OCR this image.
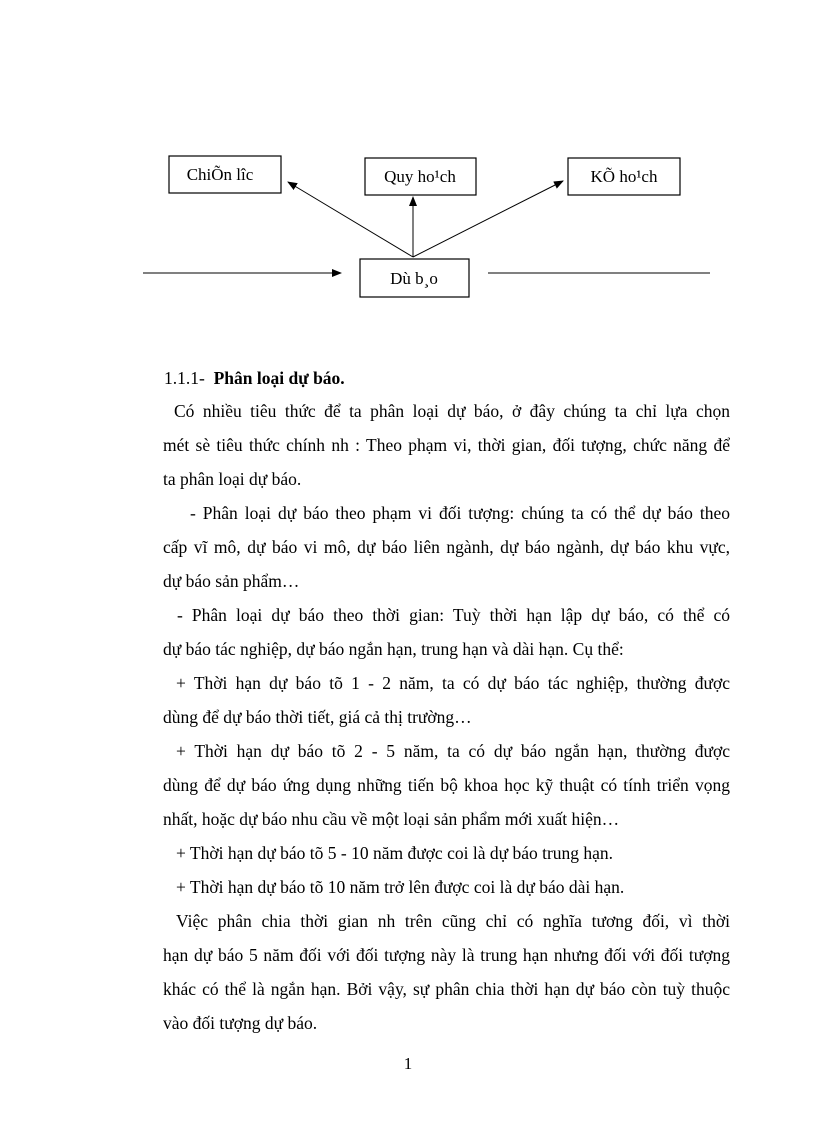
ChiÕn lîc	Quy ho¹ch	KÕ ho¹ch
Dù b¸o
1.1.1- Phân loại dự báo.
Có nhiều tiêu thức để ta phân loại dự báo, ở đây chúng ta chỉ lựa chọn
mét sè tiêu thức chính nh : Theo phạm vi, thời gian, đối tượng, chức năng để
ta phân loại dự báo.
- Phân loại dự báo theo phạm vi đối tượng: chúng ta có thể dự báo theo
cấp vĩ mô, dự báo vi mô, dự báo liên ngành, dự báo ngành, dự báo khu vực,
dự báo sản phẩm…
- Phân loại dự báo theo thời gian: Tuỳ thời hạn lập dự báo, có thể có
dự báo tác nghiệp, dự báo ngắn hạn, trung hạn và dài hạn. Cụ thể:
+ Thời hạn dự báo tõ 1 - 2 năm, ta có dự báo tác nghiệp, thường được
dùng để dự báo thời tiết, giá cả thị trường…
+ Thời hạn dự báo tõ 2 - 5 năm, ta có dự báo ngắn hạn, thường được
dùng để dự báo ứng dụng những tiến bộ khoa học kỹ thuật có tính triển vọng
nhất, hoặc dự báo nhu cầu về một loại sản phẩm mới xuất hiện…
+ Thời hạn dự báo tõ 5 - 10 năm được coi là dự báo trung hạn.
+ Thời hạn dự báo tõ 10 năm trở lên được coi là dự báo dài hạn.
Việc phân chia thời gian nh trên cũng chỉ có nghĩa tương đối, vì thời
hạn dự báo 5 năm đối với đối tượng này là trung hạn nhưng đối với đối tượng
khác có thể là ngắn hạn. Bởi vậy, sự phân chia thời hạn dự báo còn tuỳ thuộc
vào đối tượng dự báo.
1
